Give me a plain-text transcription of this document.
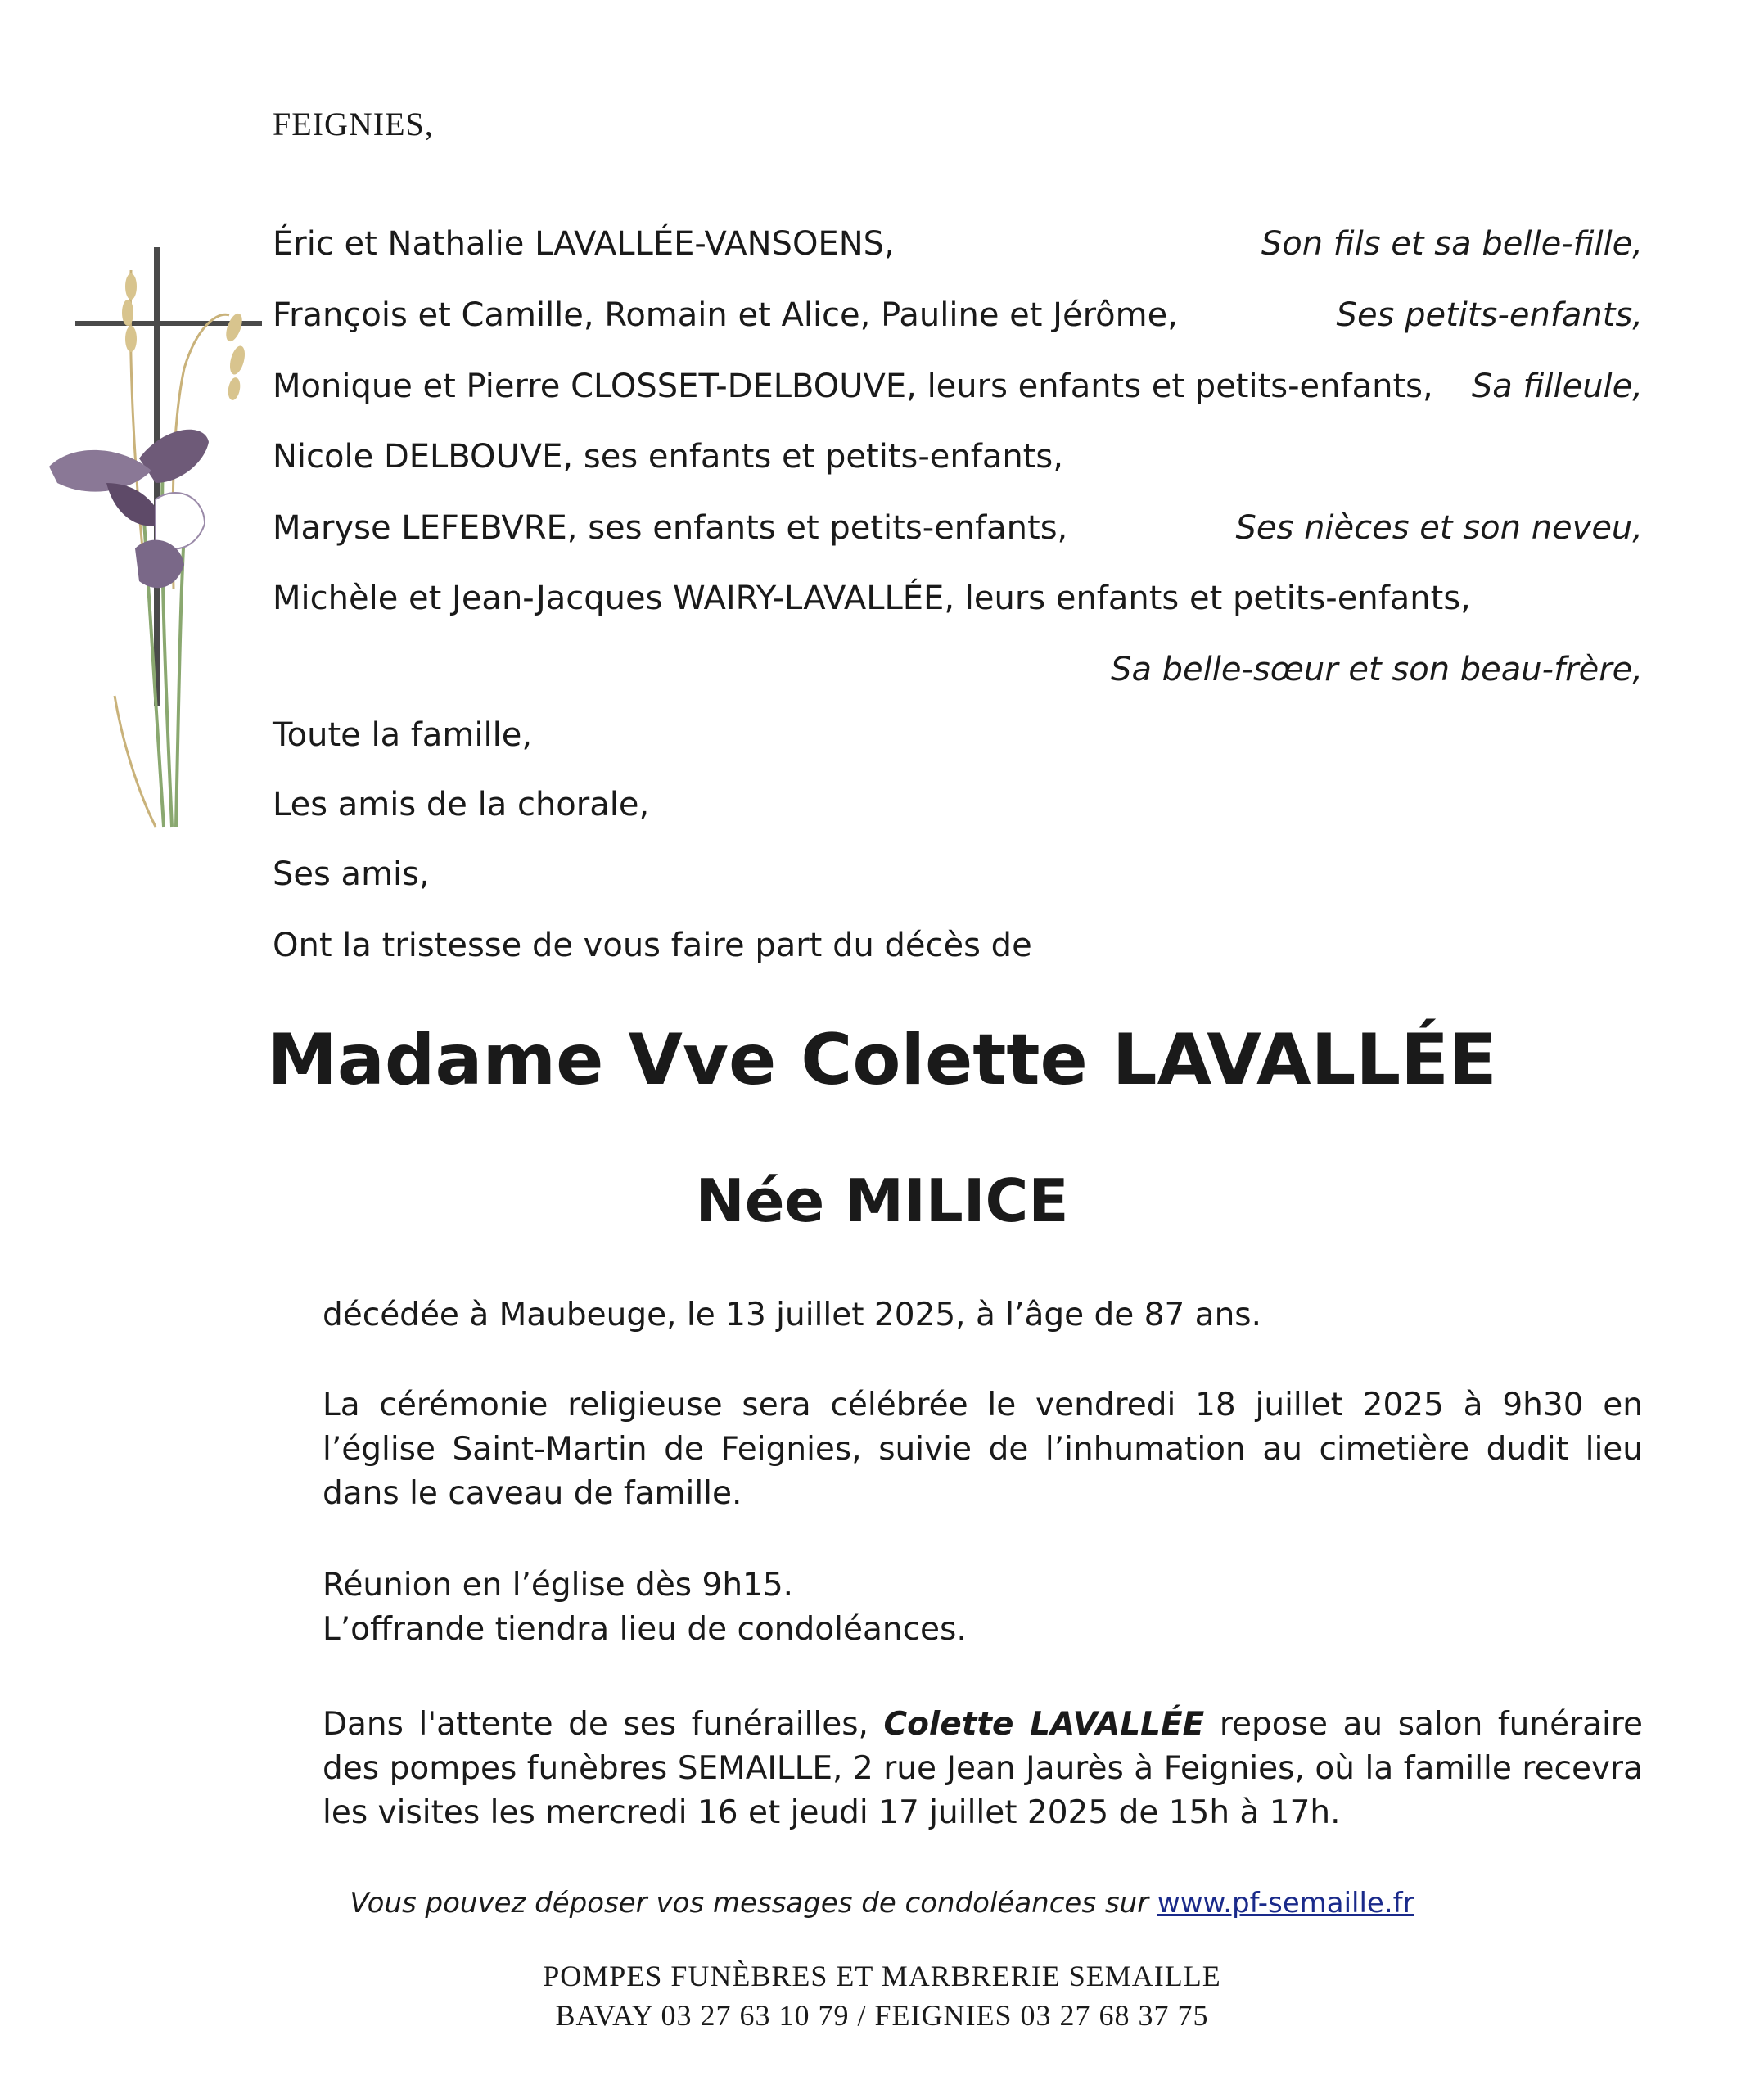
FEIGNIES,
Éric et Nathalie LAVALLÉE-VANSOENS,	Son fils et sa belle-fille,
François et Camille, Romain et Alice, Pauline et Jérôme,	Ses petits-enfants,
Monique et Pierre CLOSSET-DELBOUVE, leurs enfants et petits-enfants, Sa filleule,
Nicole DELBOUVE, ses enfants et petits-enfants,
Maryse LEFEBVRE, ses enfants et petits-enfants,	Ses nièces et son neveu,
Michèle et Jean-Jacques WAIRY-LAVALLÉE, leurs enfants et petits-enfants,
Sa belle-sœur et son beau-frère,
Toute la famille,
Les amis de la chorale,
Ses amis,
Ont la tristesse de vous faire part du décès de
Madame Vve Colette LAVALLÉE
Née MILICE
décédée à Maubeuge, le 13 juillet 2025, à l’âge de 87 ans.
La cérémonie religieuse sera célébrée le vendredi 18 juillet 2025 à 9h30 en l’église Saint-Martin de Feignies, suivie de l’inhumation au cimetière dudit lieu dans le caveau de famille.
Réunion en l’église dès 9h15.
L’offrande tiendra lieu de condoléances.
Dans l'attente de ses funérailles, Colette LAVALLÉE repose au salon funéraire des pompes funèbres SEMAILLE, 2 rue Jean Jaurès à Feignies, où la famille recevra les visites les mercredi 16 et jeudi 17 juillet 2025 de 15h à 17h.
Vous pouvez déposer vos messages de condoléances sur www.pf-semaille.fr
POMPES FUNÈBRES ET MARBRERIE SEMAILLE
BAVAY 03 27 63 10 79 / FEIGNIES 03 27 68 37 75
